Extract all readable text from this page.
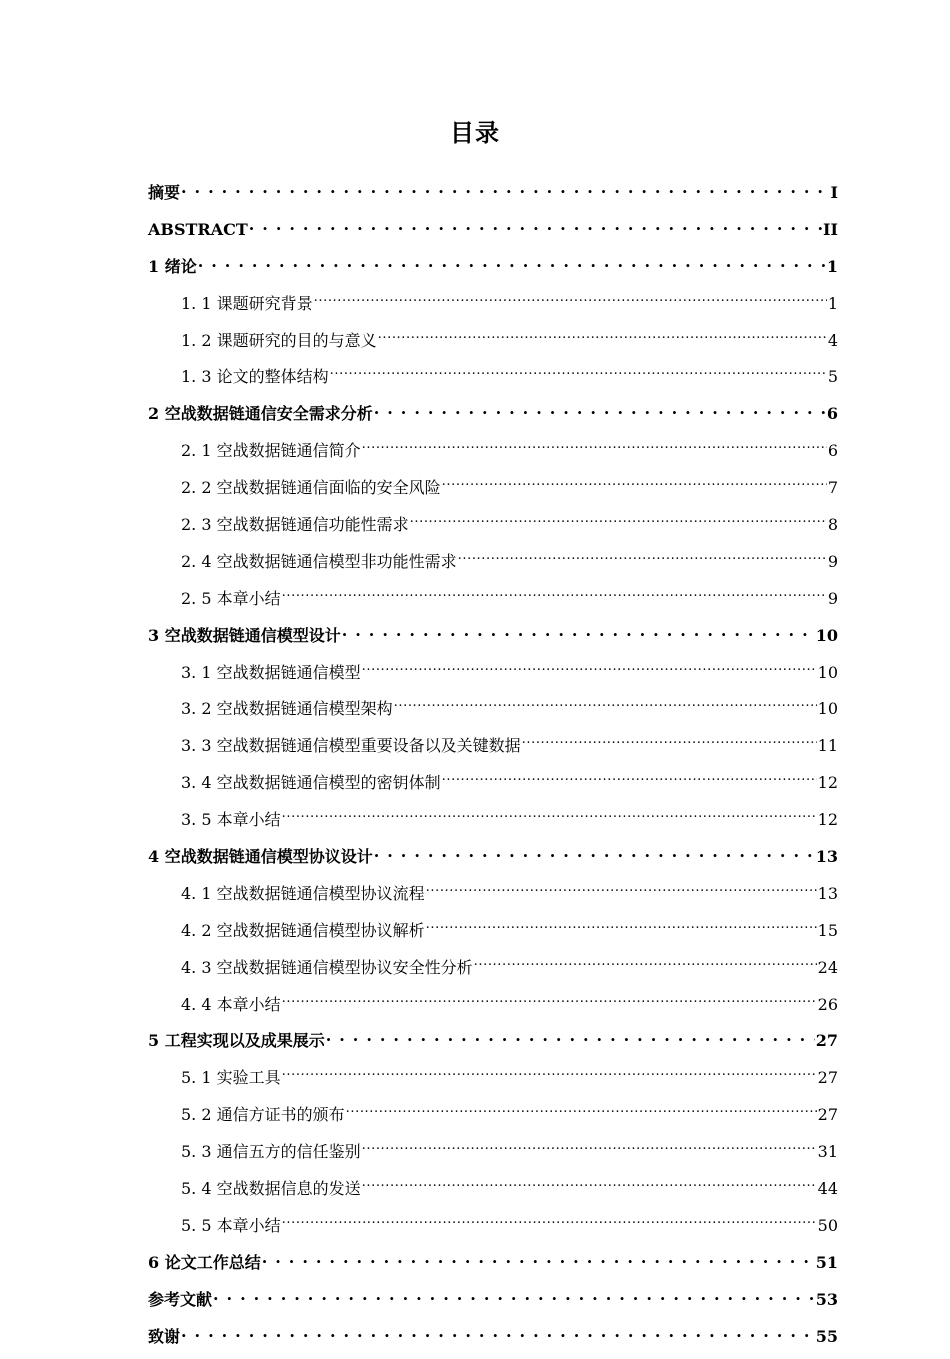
目录
摘要 . . .	I
ABSTRACT . . .	II
1 绪论 . . .	1
1. 1 课题研究背景 .....	1
1. 2 课题研究的目的与意义 .....	4
1. 3 论文的整体结构 .....	5
2 空战数据链通信安全需求分析 . . .	6
2. 1 空战数据链通信简介 .....	6
2. 2 空战数据链通信面临的安全风险 .....	7
2. 3 空战数据链通信功能性需求 .....	8
2. 4 空战数据链通信模型非功能性需求 .....	9
2. 5 本章小结 .....	9
3 空战数据链通信模型设计 . . .	10
3. 1 空战数据链通信模型 .....	10
3. 2 空战数据链通信模型架构 .....	10
3. 3 空战数据链通信模型重要设备以及关键数据 .....	11
3. 4 空战数据链通信模型的密钥体制 .....	12
3. 5 本章小结 .....	12
4 空战数据链通信模型协议设计 . . .	13
4. 1 空战数据链通信模型协议流程 .....	13
4. 2 空战数据链通信模型协议解析 .....	15
4. 3 空战数据链通信模型协议安全性分析 .....	24
4. 4 本章小结 .....	26
5 工程实现以及成果展示 . . .	27
5. 1 实验工具 .....	27
5. 2 通信方证书的颁布 .....	27
5. 3 通信五方的信任鉴别 .....	31
5. 4 空战数据信息的发送 .....	44
5. 5 本章小结 .....	50
6 论文工作总结 . . .	51
参考文献 . . .	53
致谢 . . .	55
